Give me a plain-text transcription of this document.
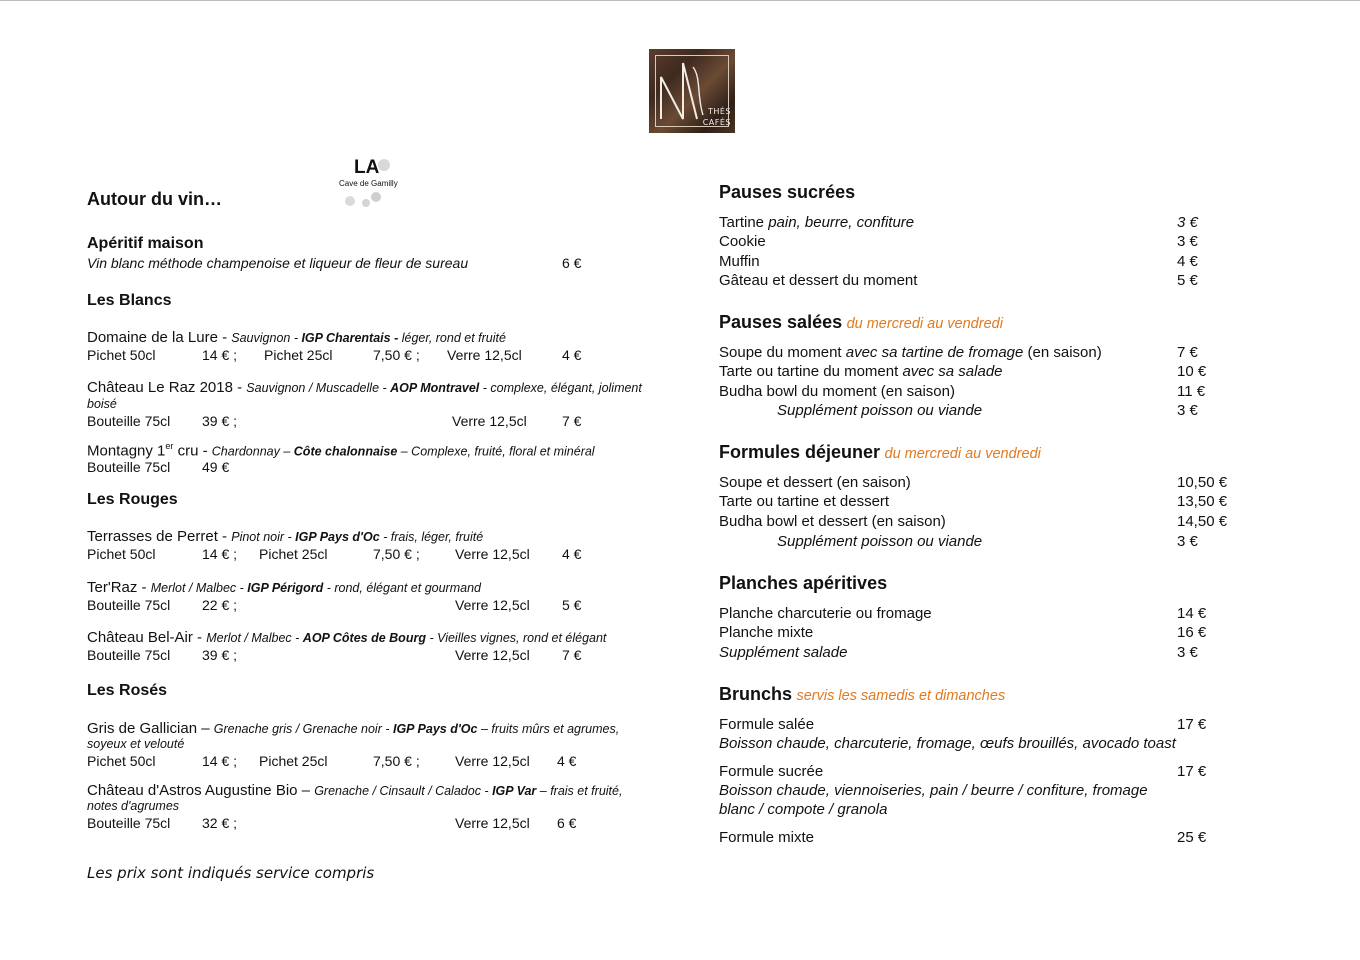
THÉS
CAFÉS
LA
Cave de Gamilly
Autour du vin…
Apéritif maison
Vin blanc méthode champenoise et liqueur de fleur de sureau	6 €
Les Blancs
Domaine de la Lure - Sauvignon - IGP Charentais - léger, rond et fruité
Pichet 50cl	14 € ; Pichet 25cl	7,50 € ; Verre 12,5cl	4 €
Château Le Raz 2018 - Sauvignon / Muscadelle - AOP Montravel - complexe, élégant, joliment
boisé
Bouteille 75cl 39 € ;	Verre 12,5cl	7 €
Montagny 1er cru - Chardonnay – Côte chalonnaise – Complexe, fruité, floral et minéral
Bouteille 75cl 49 €
Les Rouges
Terrasses de Perret - Pinot noir - IGP Pays d'Oc - frais, léger, fruité
Pichet 50cl	14 € ; Pichet 25cl	7,50 € ;	Verre 12,5cl 4 €
Ter'Raz - Merlot / Malbec - IGP Périgord - rond, élégant et gourmand
Bouteille 75cl 22 € ;	Verre 12,5cl 5 €
Château Bel-Air - Merlot / Malbec - AOP Côtes de Bourg - Vieilles vignes, rond et élégant
Bouteille 75cl 39 € ;	Verre 12,5cl 7 €
Les Rosés
Gris de Gallician – Grenache gris / Grenache noir - IGP Pays d'Oc – fruits mûrs et agrumes,
soyeux et velouté
Pichet 50cl	14 € ; Pichet 25cl	7,50 € ;	Verre 12,5cl 4 €
Château d'Astros Augustine Bio – Grenache / Cinsault / Caladoc - IGP Var – frais et fruité,
notes d'agrumes
Bouteille 75cl 32 € ;	Verre 12,5cl 6 €
Les prix sont indiqués service compris
Pauses sucrées
Tartine pain, beurre, confiture	3 €
Cookie	3 €
Muffin	4 €
Gâteau et dessert du moment	5 €
Pauses salées du mercredi au vendredi
Soupe du moment avec sa tartine de fromage (en saison)	7 €
Tarte ou tartine du moment avec sa salade	10 €
Budha bowl du moment (en saison)	11 €
Supplément poisson ou viande	3 €
Formules déjeuner du mercredi au vendredi
Soupe et dessert (en saison)	10,50 €
Tarte ou tartine et dessert	13,50 €
Budha bowl et dessert (en saison)	14,50 €
Supplément poisson ou viande	3 €
Planches apéritives
Planche charcuterie ou fromage	14 €
Planche mixte	16 €
Supplément salade	3 €
Brunchs servis les samedis et dimanches
Formule salée	17 €
Boisson chaude, charcuterie, fromage, œufs brouillés, avocado toast
Formule sucrée	17 €
Boisson chaude, viennoiseries, pain / beurre / confiture, fromage
blanc / compote / granola
Formule mixte	25 €
